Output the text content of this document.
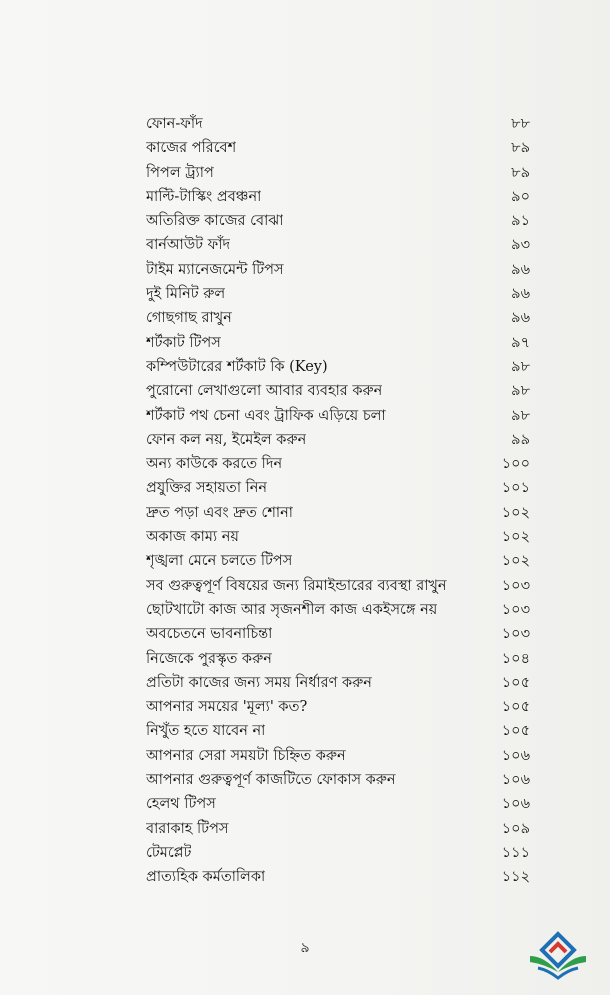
ফোন-ফাঁদ	৮৮
কাজের পরিবেশ	৮৯
পিপল ট্র্যাপ	৮৯
মাল্টি-টাস্কিং প্রবঞ্চনা	৯০
অতিরিক্ত কাজের বোঝা	৯১
বার্নআউট ফাঁদ	৯৩
টাইম ম্যানেজমেন্ট টিপস	৯৬
দুই মিনিট রুল	৯৬
গোছগাছ রাখুন	৯৬
শর্টকাট টিপস	৯৭
কম্পিউটারের শর্টকাট কি (Key)	৯৮
পুরোনো লেখাগুলো আবার ব্যবহার করুন	৯৮
শর্টকাট পথ চেনা এবং ট্রাফিক এড়িয়ে চলা	৯৮
ফোন কল নয়, ইমেইল করুন	৯৯
অন্য কাউকে করতে দিন	১০০
প্রযুক্তির সহায়তা নিন	১০১
দ্রুত পড়া এবং দ্রুত শোনা	১০২
অকাজ কাম্য নয়	১০২
শৃঙ্খলা মেনে চলতে টিপস	১০২
সব গুরুত্বপূর্ণ বিষয়ের জন্য রিমাইন্ডারের ব্যবস্থা রাখুন	১০৩
ছোটখাটো কাজ আর সৃজনশীল কাজ একইসঙ্গে নয়	১০৩
অবচেতনে ভাবনাচিন্তা	১০৩
নিজেকে পুরস্কৃত করুন	১০৪
প্রতিটা কাজের জন্য সময় নির্ধারণ করুন	১০৫
আপনার সময়ের 'মূল্য' কত?	১০৫
নিখুঁত হতে যাবেন না	১০৫
আপনার সেরা সময়টা চিহ্নিত করুন	১০৬
আপনার গুরুত্বপূর্ণ কাজটিতে ফোকাস করুন	১০৬
হেলথ টিপস	১০৬
বারাকাহ টিপস	১০৯
টেমপ্লেট	১১১
প্রাত্যহিক কর্মতালিকা	১১২
৯
